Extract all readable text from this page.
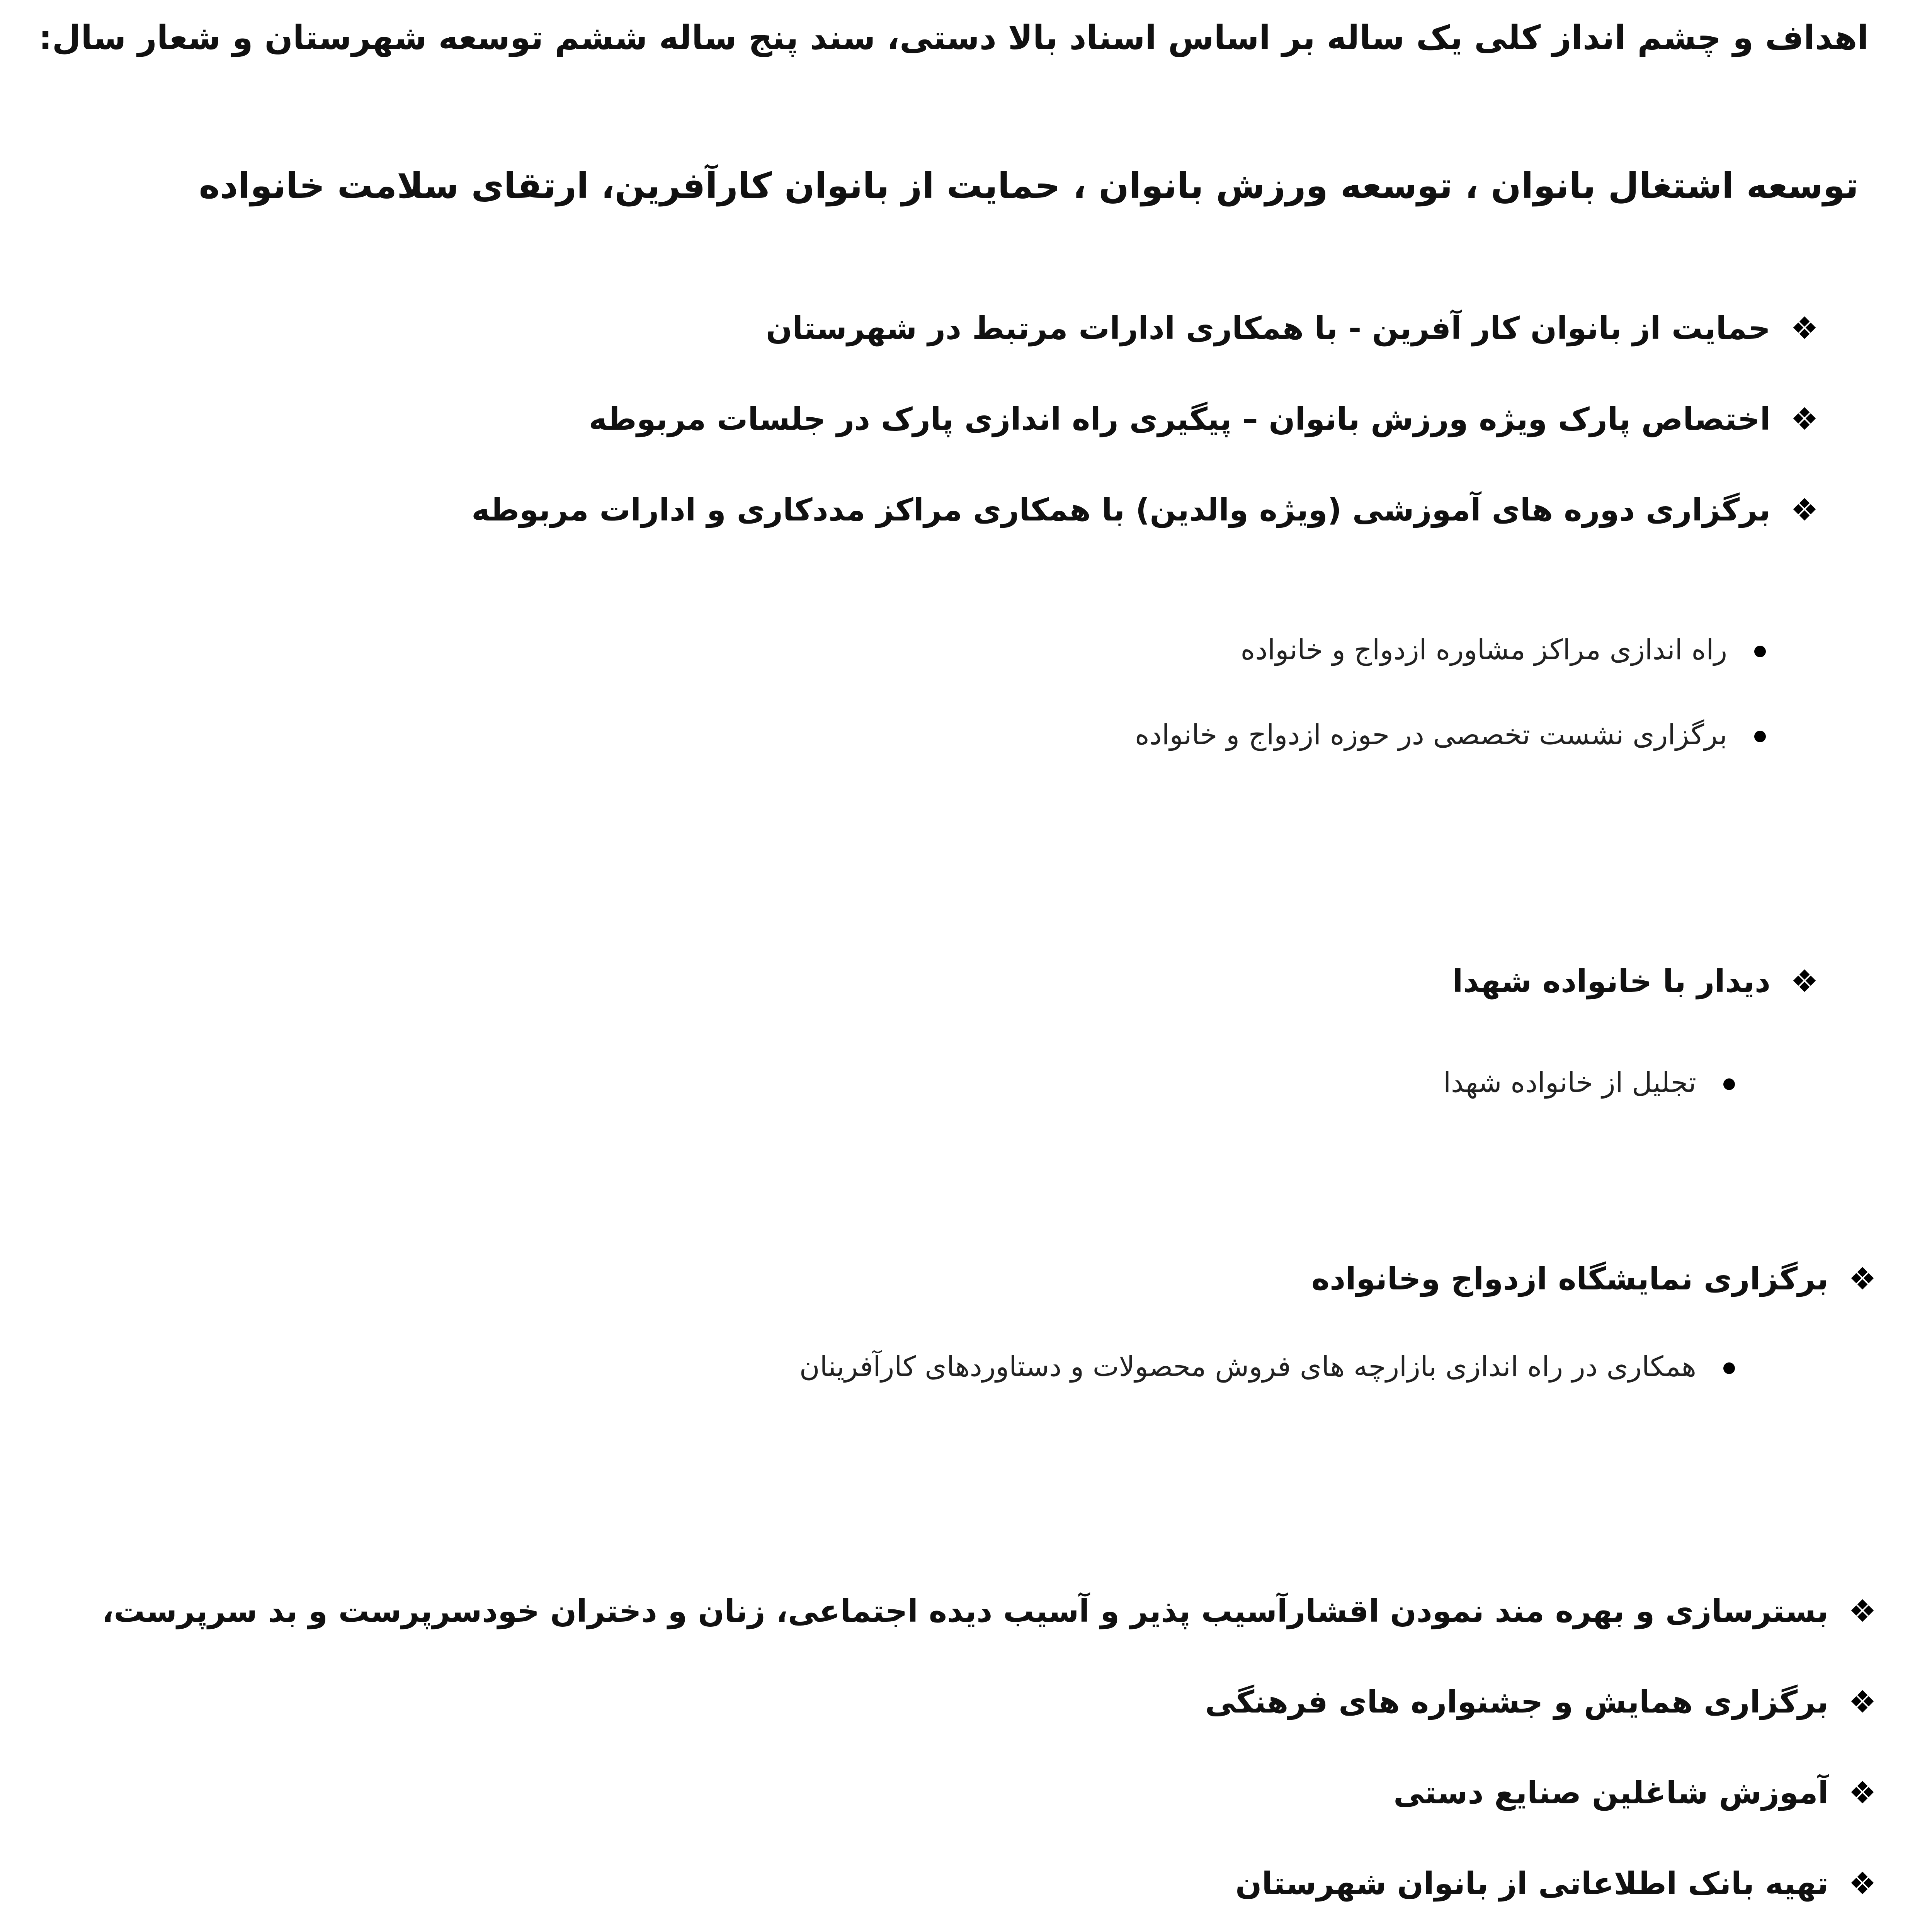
اهداف و چشم انداز کلی یک ساله بر اساس اسناد بالا دستی، سند پنج ساله ششم توسعه شهرستان و شعار سال:
توسعه اشتغال بانوان ، توسعه ورزش بانوان ، حمایت از بانوان کارآفرین، ارتقای سلامت خانواده
❖حمایت از بانوان کار آفرین - با همکاری ادارات مرتبط در شهرستان
❖اختصاص پارک ویژه ورزش بانوان – پیگیری راه اندازی پارک در جلسات مربوطه
❖برگزاری دوره های آموزشی (ویژه والدین) با همکاری مراکز مددکاری و ادارات مربوطه
راه اندازی مراکز مشاوره ازدواج و خانواده
برگزاری نشست تخصصی در حوزه ازدواج و خانواده
❖دیدار با خانواده شهدا
تجلیل از خانواده شهدا
❖برگزاری نمایشگاه ازدواج وخانواده
همکاری در راه اندازی بازارچه های فروش محصولات و دستاوردهای کارآفرینان
❖بسترسازی و بهره مند نمودن اقشارآسیب پذیر و آسیب دیده اجتماعی، زنان و دختران خودسرپرست و بد سرپرست،
❖برگزاری همایش و جشنواره های فرهنگی
❖آموزش شاغلین صنایع دستی
❖تهیه بانک اطلاعاتی از بانوان شهرستان
